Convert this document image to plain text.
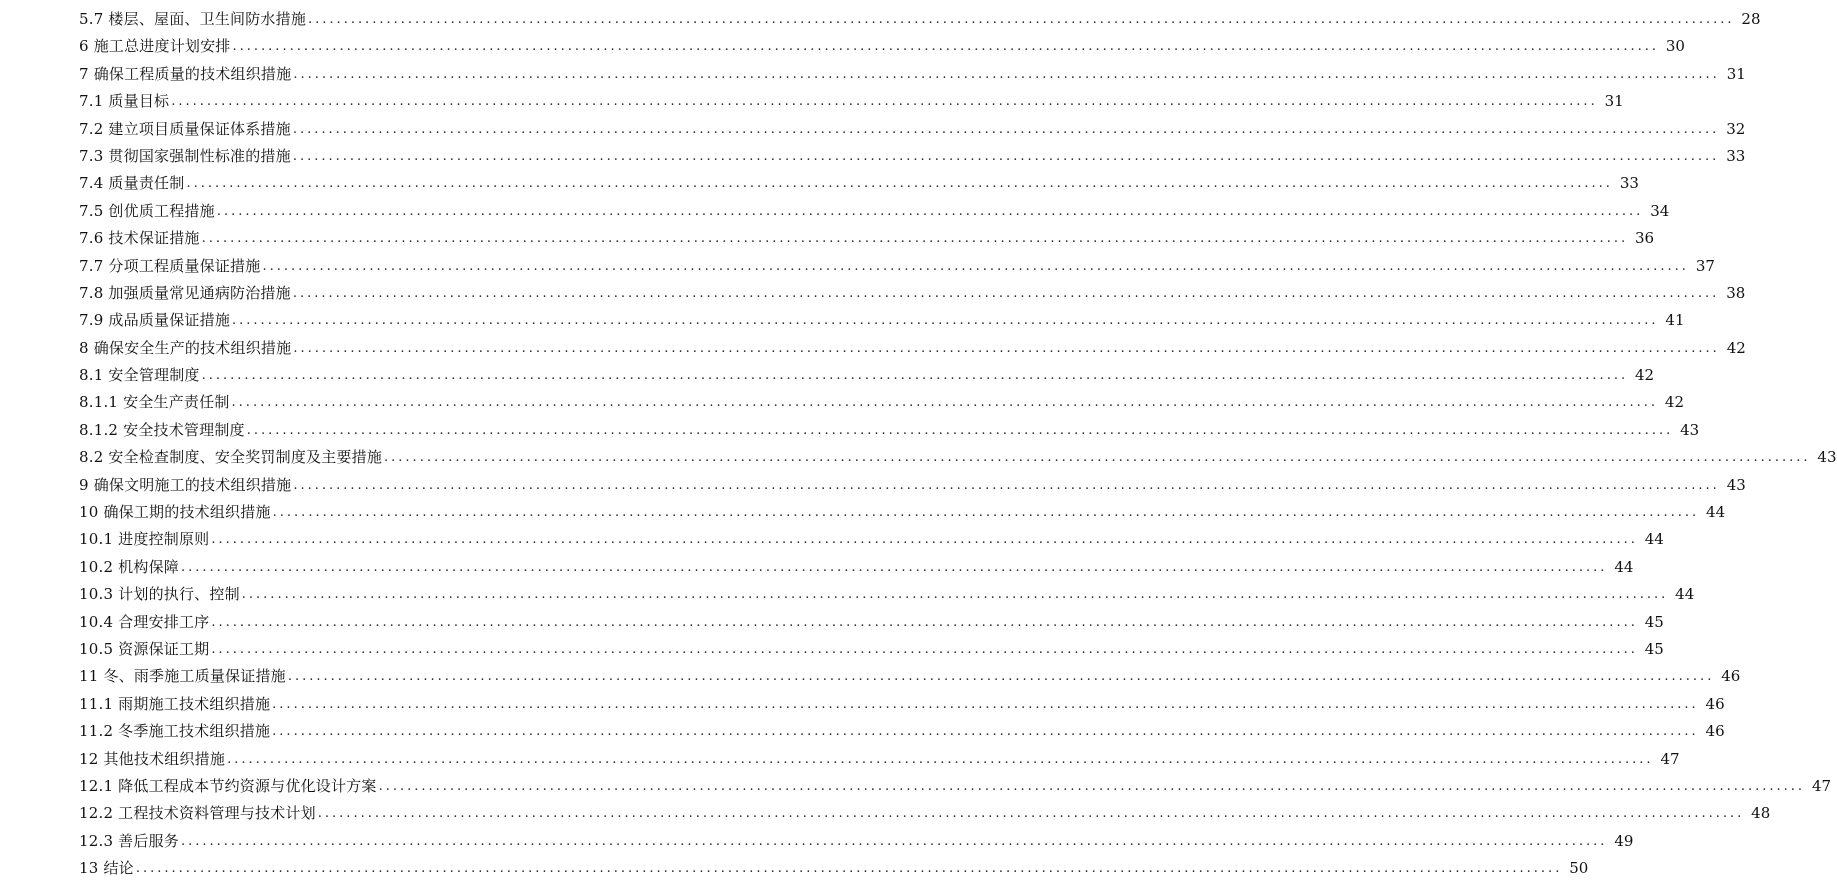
5.7 楼层、屋面、卫生间防水措施 ........................................................................................................................................................................................................ 28
6 施工总进度计划安排 ........................................................................................................................................................................................................ 30
7 确保工程质量的技术组织措施 ........................................................................................................................................................................................................ 31
7.1 质量目标 ........................................................................................................................................................................................................ 31
7.2 建立项目质量保证体系措施 ........................................................................................................................................................................................................ 32
7.3 贯彻国家强制性标准的措施 ........................................................................................................................................................................................................ 33
7.4 质量责任制 ........................................................................................................................................................................................................ 33
7.5 创优质工程措施 ........................................................................................................................................................................................................ 34
7.6 技术保证措施 ........................................................................................................................................................................................................ 36
7.7 分项工程质量保证措施 ........................................................................................................................................................................................................ 37
7.8 加强质量常见通病防治措施 ........................................................................................................................................................................................................ 38
7.9 成品质量保证措施 ........................................................................................................................................................................................................ 41
8 确保安全生产的技术组织措施 ........................................................................................................................................................................................................ 42
8.1 安全管理制度 ........................................................................................................................................................................................................ 42
8.1.1 安全生产责任制 ........................................................................................................................................................................................................ 42
8.1.2 安全技术管理制度 ........................................................................................................................................................................................................ 43
8.2 安全检查制度、安全奖罚制度及主要措施 ........................................................................................................................................................................................................ 43
9 确保文明施工的技术组织措施 ........................................................................................................................................................................................................ 43
10 确保工期的技术组织措施 ........................................................................................................................................................................................................ 44
10.1 进度控制原则 ........................................................................................................................................................................................................ 44
10.2 机构保障 ........................................................................................................................................................................................................ 44
10.3 计划的执行、控制 ........................................................................................................................................................................................................ 44
10.4 合理安排工序 ........................................................................................................................................................................................................ 45
10.5 资源保证工期 ........................................................................................................................................................................................................ 45
11 冬、雨季施工质量保证措施 ........................................................................................................................................................................................................ 46
11.1 雨期施工技术组织措施 ........................................................................................................................................................................................................ 46
11.2 冬季施工技术组织措施 ........................................................................................................................................................................................................ 46
12 其他技术组织措施 ........................................................................................................................................................................................................ 47
12.1 降低工程成本节约资源与优化设计方案 ........................................................................................................................................................................................................ 47
12.2 工程技术资料管理与技术计划 ........................................................................................................................................................................................................ 48
12.3 善后服务 ........................................................................................................................................................................................................ 49
13 结论 ........................................................................................................................................................................................................ 50
